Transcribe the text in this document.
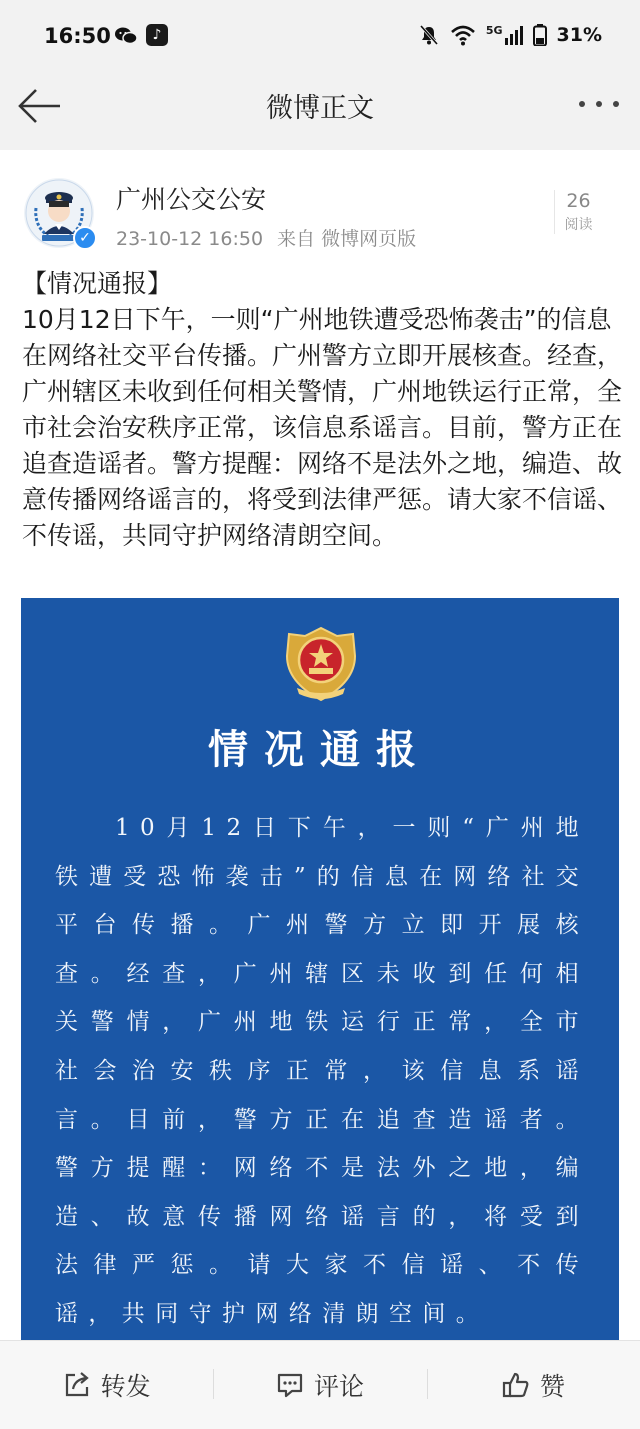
16:50	♪	5G	31%
微博正文
✓
广州公交公安
23-10-12 16:50 来自 微博网页版
26
阅读

【情况通报】

10月12日下午，一则“广州地铁遭受恐怖袭击”的信息在网络社交平台传播。广州警方立即开展核查。经查，广州辖区未收到任何相关警情，广州地铁运行正常，全市社会治安秩序正常，该信息系谣言。目前，警方正在追查造谣者。警方提醒：网络不是法外之地，编造、故意传播网络谣言的，将受到法律严惩。请大家不信谣、不传谣，共同守护网络清朗空间。

情况通报
10月12日下午，一则“广州地铁遭受恐怖袭击”的信息在网络社交平台传播。广州警方立即开展核查。经查，广州辖区未收到任何相关警情，广州地铁运行正常，全市社会治安秩序正常，该信息系谣言。目前，警方正在追查造谣者。警方提醒：网络不是法外之地，编造、故意传播网络谣言的，将受到法律严惩。请大家不信谣、不传谣，共同守护网络清朗空间。
转发	评论	赞
